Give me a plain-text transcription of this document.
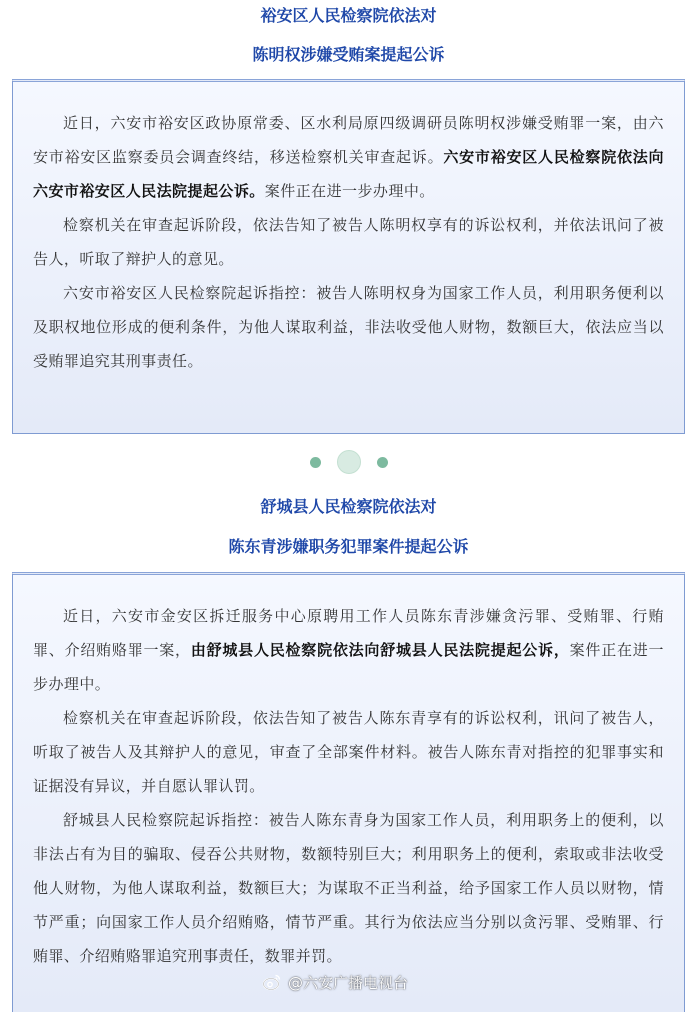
裕安区人民检察院依法对
陈明权涉嫌受贿案提起公诉

近日，六安市裕安区政协原常委、区水利局原四级调研员陈明权涉嫌受贿罪一案，由六安市裕安区监察委员会调查终结，移送检察机关审查起诉。六安市裕安区人民检察院依法向六安市裕安区人民法院提起公诉。案件正在进一步办理中。

检察机关在审查起诉阶段，依法告知了被告人陈明权享有的诉讼权利，并依法讯问了被告人，听取了辩护人的意见。

六安市裕安区人民检察院起诉指控：被告人陈明权身为国家工作人员，利用职务便利以及职权地位形成的便利条件，为他人谋取利益，非法收受他人财物，数额巨大，依法应当以受贿罪追究其刑事责任。

舒城县人民检察院依法对
陈东青涉嫌职务犯罪案件提起公诉

近日，六安市金安区拆迁服务中心原聘用工作人员陈东青涉嫌贪污罪、受贿罪、行贿罪、介绍贿赂罪一案，由舒城县人民检察院依法向舒城县人民法院提起公诉，案件正在进一步办理中。

检察机关在审查起诉阶段，依法告知了被告人陈东青享有的诉讼权利，讯问了被告人，听取了被告人及其辩护人的意见，审查了全部案件材料。被告人陈东青对指控的犯罪事实和证据没有异议，并自愿认罪认罚。

舒城县人民检察院起诉指控：被告人陈东青身为国家工作人员，利用职务上的便利，以非法占有为目的骗取、侵吞公共财物，数额特别巨大；利用职务上的便利，索取或非法收受他人财物，为他人谋取利益，数额巨大；为谋取不正当利益，给予国家工作人员以财物，情节严重；向国家工作人员介绍贿赂，情节严重。其行为依法应当分别以贪污罪、受贿罪、行贿罪、介绍贿赂罪追究刑事责任，数罪并罚。

@六安广播电视台
